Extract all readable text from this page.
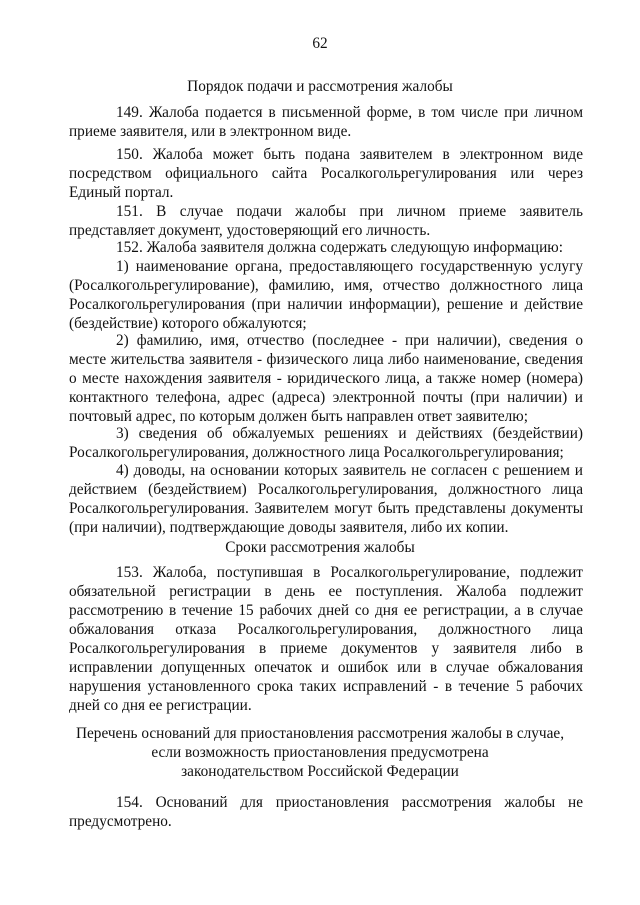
62
Порядок подачи и рассмотрения жалобы

149. Жалоба подается в письменной форме, в том числе при личном приеме заявителя, или в электронном виде.

150. Жалоба может быть подана заявителем в электронном виде посредством официального сайта Росалкогольрегулирования или через Единый портал.

151. В случае подачи жалобы при личном приеме заявитель представляет документ, удостоверяющий его личность.

152. Жалоба заявителя должна содержать следующую информацию:

1) наименование органа, предоставляющего государственную услугу (Росалкогольрегулирование), фамилию, имя, отчество должностного лица Росалкогольрегулирования (при наличии информации), решение и действие (бездействие) которого обжалуются;

2) фамилию, имя, отчество (последнее - при наличии), сведения о месте жительства заявителя - физического лица либо наименование, сведения о месте нахождения заявителя - юридического лица, а также номер (номера) контактного телефона, адрес (адреса) электронной почты (при наличии) и почтовый адрес, по которым должен быть направлен ответ заявителю;

3) сведения об обжалуемых решениях и действиях (бездействии) Росалкогольрегулирования, должностного лица Росалкогольрегулирования;

4) доводы, на основании которых заявитель не согласен с решением и действием (бездействием) Росалкогольрегулирования, должностного лица Росалкогольрегулирования. Заявителем могут быть представлены документы (при наличии), подтверждающие доводы заявителя, либо их копии.

Сроки рассмотрения жалобы

153. Жалоба, поступившая в Росалкогольрегулирование, подлежит обязательной регистрации в день ее поступления. Жалоба подлежит рассмотрению в течение 15 рабочих дней со дня ее регистрации, а в случае обжалования отказа Росалкогольрегулирования, должностного лица Росалкогольрегулирования в приеме документов у заявителя либо в исправлении допущенных опечаток и ошибок или в случае обжалования нарушения установленного срока таких исправлений - в течение 5 рабочих дней со дня ее регистрации.

Перечень оснований для приостановления рассмотрения жалобы в случае,
если возможность приостановления предусмотрена
законодательством Российской Федерации

154. Оснований для приостановления рассмотрения жалобы не предусмотрено.
